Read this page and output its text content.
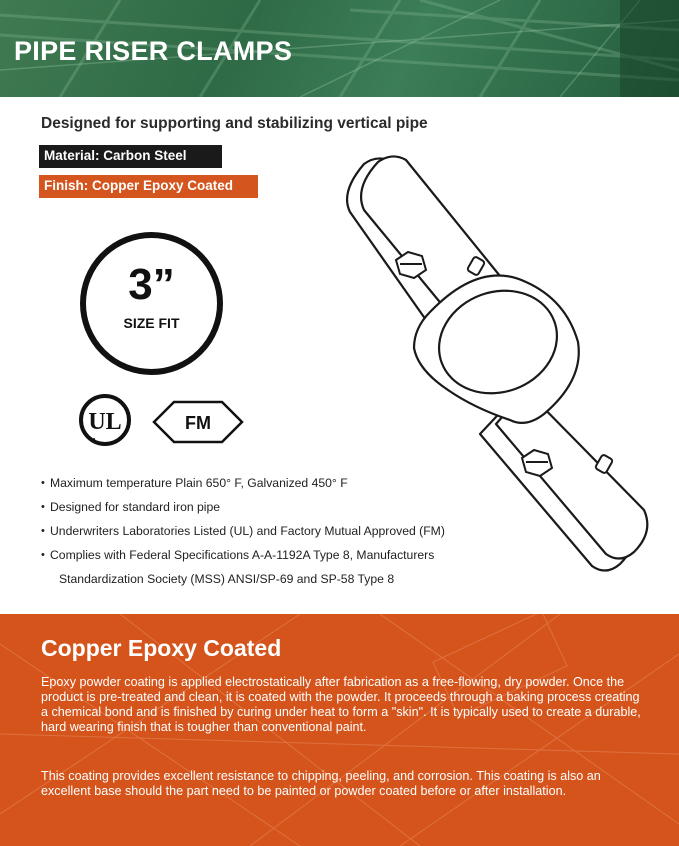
PIPE RISER CLAMPS
Designed for supporting and stabilizing vertical pipe
Material: Carbon Steel
Finish: Copper Epoxy Coated
3”
SIZE FIT
UL	FM
• Maximum temperature Plain 650° F, Galvanized 450° F
• Designed for standard iron pipe
• Underwriters Laboratories Listed (UL) and Factory Mutual Approved (FM)
• Complies with Federal Specifications A-A-1192A Type 8, Manufacturers
Standardization Society (MSS) ANSI/SP-69 and SP-58 Type 8
Copper Epoxy Coated

Epoxy powder coating is applied electrostatically after fabrication as a free-flowing, dry powder. Once the product is pre-treated and clean, it is coated with the powder. It proceeds through a baking process creating a chemical bond and is finished by curing under heat to form a "skin". It is typically used to create a durable, hard wearing finish that is tougher than conventional paint.

This coating provides excellent resistance to chipping, peeling, and corrosion. This coating is also an excellent base should the part need to be painted or powder coated before or after installation.
